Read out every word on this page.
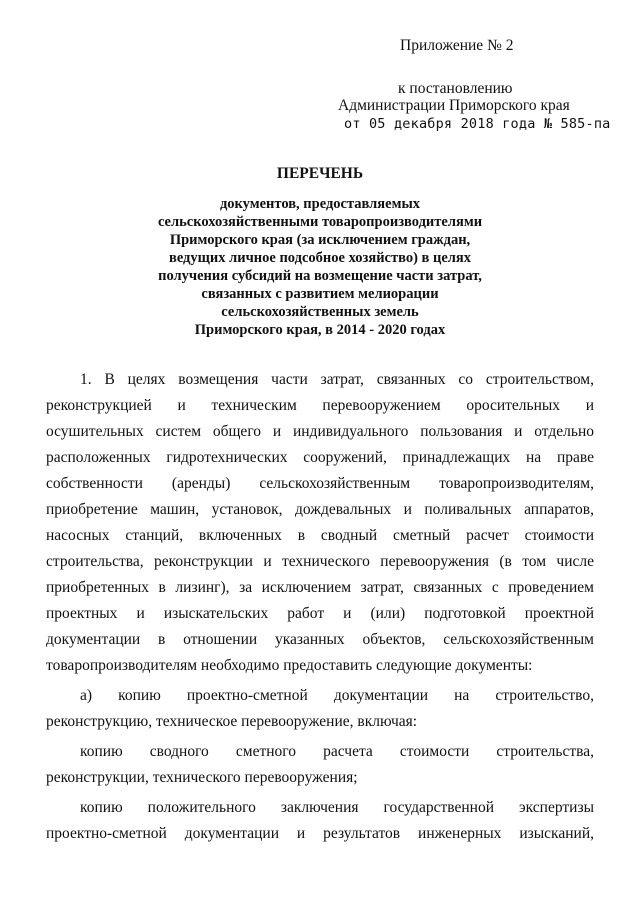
Приложение № 2
к постановлению
Администрации Приморского края
от 05 декабря 2018 года № 585-па
ПЕРЕЧЕНЬ
документов, предоставляемых
сельскохозяйственными товаропроизводителями
Приморского края (за исключением граждан,
ведущих личное подсобное хозяйство) в целях
получения субсидий на возмещение части затрат,
связанных с развитием мелиорации
сельскохозяйственных земель
Приморского края, в 2014 - 2020 годах
1. В целях возмещения части затрат, связанных со строительством,
реконструкцией и техническим перевооружением оросительных и
осушительных систем общего и индивидуального пользования и отдельно
расположенных гидротехнических сооружений, принадлежащих на праве
собственности (аренды) сельскохозяйственным товаропроизводителям,
приобретение машин, установок, дождевальных и поливальных аппаратов,
насосных станций, включенных в сводный сметный расчет стоимости
строительства, реконструкции и технического перевооружения (в том числе
приобретенных в лизинг), за исключением затрат, связанных с проведением
проектных и изыскательских работ и (или) подготовкой проектной
документации в отношении указанных объектов, сельскохозяйственным
товаропроизводителям необходимо предоставить следующие документы:
а) копию проектно-сметной документации на строительство,
реконструкцию, техническое перевооружение, включая:
копию сводного сметного расчета стоимости строительства,
реконструкции, технического перевооружения;
копию положительного заключения государственной экспертизы
проектно-сметной документации и результатов инженерных изысканий,
